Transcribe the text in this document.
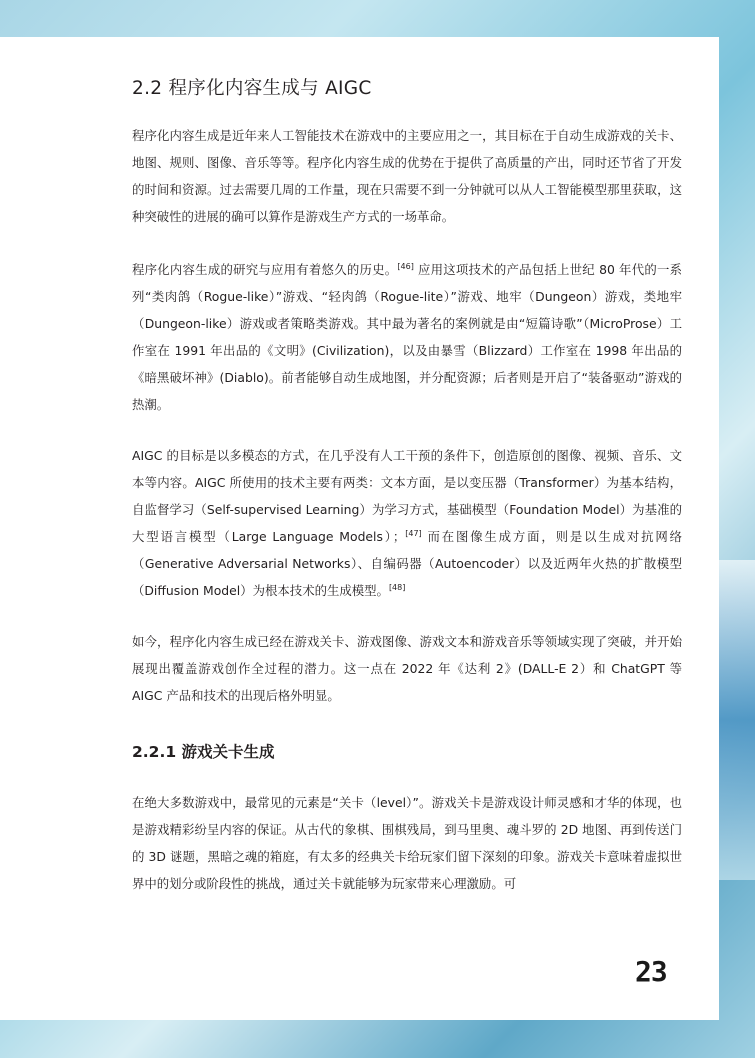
2.2 程序化内容生成与 AIGC

程序化内容生成是近年来人工智能技术在游戏中的主要应用之一，其目标在于自动生成游戏的关卡、地图、规则、图像、音乐等等。程序化内容生成的优势在于提供了高质量的产出，同时还节省了开发的时间和资源。过去需要几周的工作量，现在只需要不到一分钟就可以从人工智能模型那里获取，这种突破性的进展的确可以算作是游戏生产方式的一场革命。

程序化内容生成的研究与应用有着悠久的历史。[46] 应用这项技术的产品包括上世纪 80 年代的一系列“类肉鸽（Rogue-like）”游戏、“轻肉鸽（Rogue-lite）”游戏、地牢（Dungeon）游戏，类地牢（Dungeon-like）游戏或者策略类游戏。其中最为著名的案例就是由“短篇诗歌”（MicroProse）工作室在 1991 年出品的《文明》(Civilization)，以及由暴雪（Blizzard）工作室在 1998 年出品的《暗黑破坏神》(Diablo)。前者能够自动生成地图，并分配资源；后者则是开启了“装备驱动”游戏的热潮。

AIGC 的目标是以多模态的方式，在几乎没有人工干预的条件下，创造原创的图像、视频、音乐、文本等内容。AIGC 所使用的技术主要有两类：文本方面，是以变压器（Transformer）为基本结构，自监督学习（Self-supervised Learning）为学习方式，基础模型（Foundation Model）为基准的大型语言模型（Large Language Models）；[47] 而在图像生成方面，则是以生成对抗网络（Generative Adversarial Networks）、自编码器（Autoencoder）以及近两年火热的扩散模型（Diffusion Model）为根本技术的生成模型。[48]

如今，程序化内容生成已经在游戏关卡、游戏图像、游戏文本和游戏音乐等领域实现了突破，并开始展现出覆盖游戏创作全过程的潜力。这一点在 2022 年《达利 2》(DALL-E 2）和 ChatGPT 等 AIGC 产品和技术的出现后格外明显。

2.2.1 游戏关卡生成

在绝大多数游戏中，最常见的元素是“关卡（level）”。游戏关卡是游戏设计师灵感和才华的体现，也是游戏精彩纷呈内容的保证。从古代的象棋、围棋残局，到马里奥、魂斗罗的 2D 地图、再到传送门的 3D 谜题，黑暗之魂的箱庭，有太多的经典关卡给玩家们留下深刻的印象。游戏关卡意味着虚拟世界中的划分或阶段性的挑战，通过关卡就能够为玩家带来心理激励。可

23
